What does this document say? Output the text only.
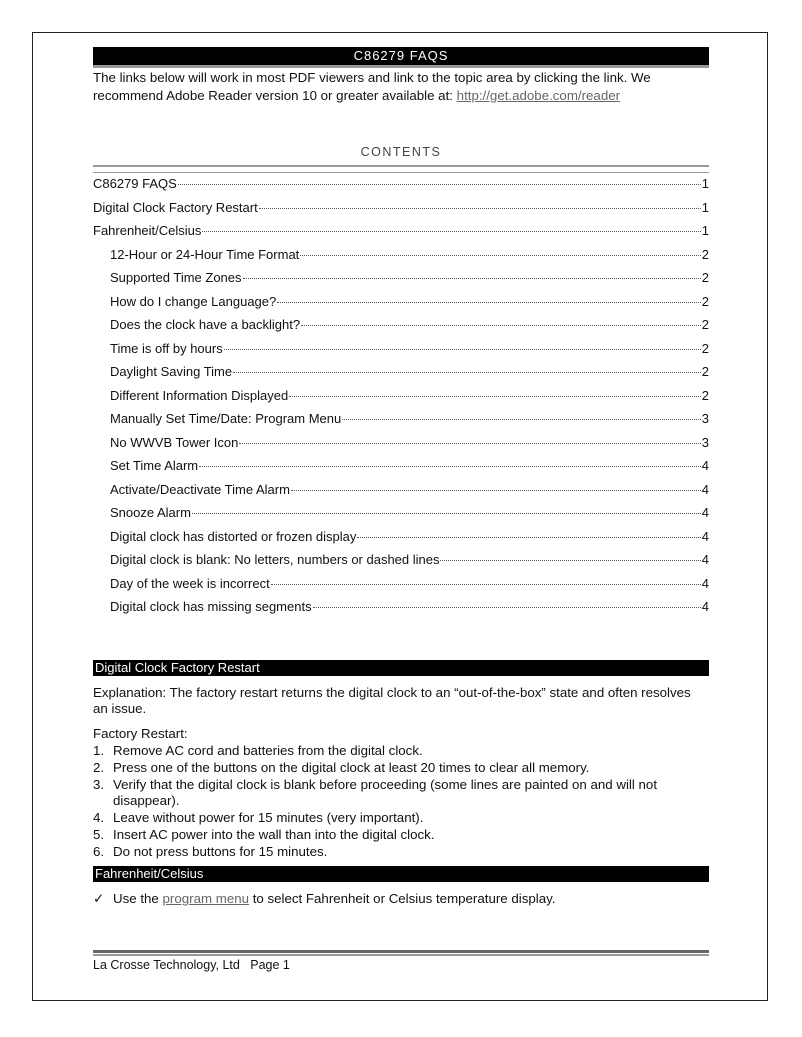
C86279 FAQS
The links below will work in most PDF viewers and link to the topic area by clicking the link. We recommend Adobe Reader version 10 or greater available at: http://get.adobe.com/reader
CONTENTS
C86279 FAQS	1
Digital Clock Factory Restart	1
Fahrenheit/Celsius	1
12-Hour or 24-Hour Time Format	2
Supported Time Zones	2
How do I change Language?	2
Does the clock have a backlight?	2
Time is off by hours	2
Daylight Saving Time	2
Different Information Displayed	2
Manually Set Time/Date: Program Menu	3
No WWVB Tower Icon	3
Set Time Alarm	4
Activate/Deactivate Time Alarm	4
Snooze Alarm	4
Digital clock has distorted or frozen display	4
Digital clock is blank: No letters, numbers or dashed lines	4
Day of the week is incorrect	4
Digital clock has missing segments	4
Digital Clock Factory Restart
Explanation: The factory restart returns the digital clock to an “out-of-the-box” state and often resolves an issue.
Factory Restart:
1. Remove AC cord and batteries from the digital clock.
2. Press one of the buttons on the digital clock at least 20 times to clear all memory.
3. Verify that the digital clock is blank before proceeding (some lines are painted on and will not disappear).
4. Leave without power for 15 minutes (very important).
5. Insert AC power into the wall than into the digital clock.
6. Do not press buttons for 15 minutes.
Fahrenheit/Celsius
✓ Use the program menu to select Fahrenheit or Celsius temperature display.
La Crosse Technology, Ltd   Page 1
